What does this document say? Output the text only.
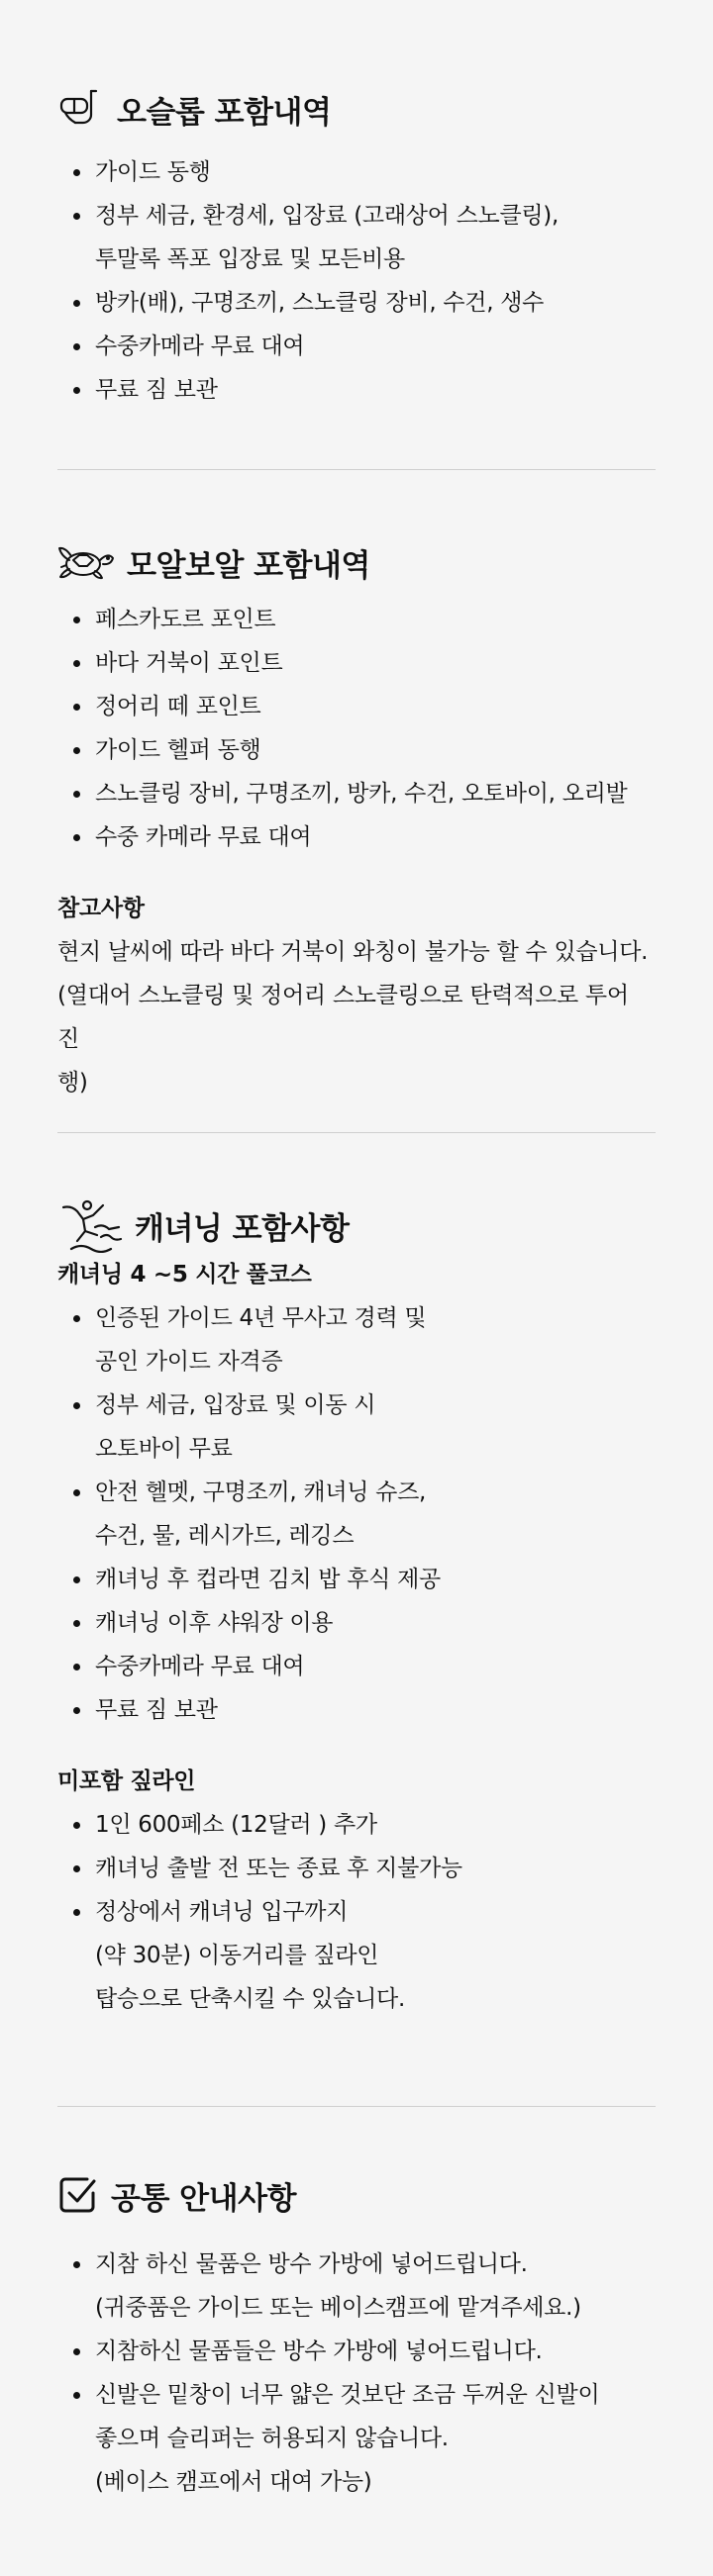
오슬롭 포함내역
가이드 동행
정부 세금, 환경세, 입장료 (고래상어 스노클링),
투말록 폭포 입장료 및 모든비용
방카(배), 구명조끼, 스노클링 장비, 수건, 생수
수중카메라 무료 대여
무료 짐 보관
모알보알 포함내역
페스카도르 포인트
바다 거북이 포인트
정어리 떼 포인트
가이드 헬퍼 동행
스노클링 장비, 구명조끼, 방카, 수건, 오토바이, 오리발
수중 카메라 무료 대여
참고사항
현지 날씨에 따라 바다 거북이 와칭이 불가능 할 수 있습니다.
(열대어 스노클링 및 정어리 스노클링으로 탄력적으로 투어 진
행)
캐녀닝 포함사항
캐녀닝 4 ~5 시간 풀코스
인증된 가이드 4년 무사고 경력 및
공인 가이드 자격증
정부 세금, 입장료 및 이동 시
오토바이 무료
안전 헬멧, 구명조끼, 캐녀닝 슈즈,
수건, 물, 레시가드, 레깅스
캐녀닝 후 컵라면 김치 밥 후식 제공
캐녀닝 이후 샤워장 이용
수중카메라 무료 대여
무료 짐 보관
미포함 짚라인
1인 600페소 (12달러 ) 추가
캐녀닝 출발 전 또는 종료 후 지불가능
정상에서 캐녀닝 입구까지
(약 30분) 이동거리를 짚라인
탑승으로 단축시킬 수 있습니다.
공통 안내사항
지참 하신 물품은 방수 가방에 넣어드립니다.
(귀중품은 가이드 또는 베이스캠프에 맡겨주세요.)
지참하신 물품들은 방수 가방에 넣어드립니다.
신발은 밑창이 너무 얇은 것보단 조금 두꺼운 신발이
좋으며 슬리퍼는 허용되지 않습니다.
(베이스 캠프에서 대여 가능)
